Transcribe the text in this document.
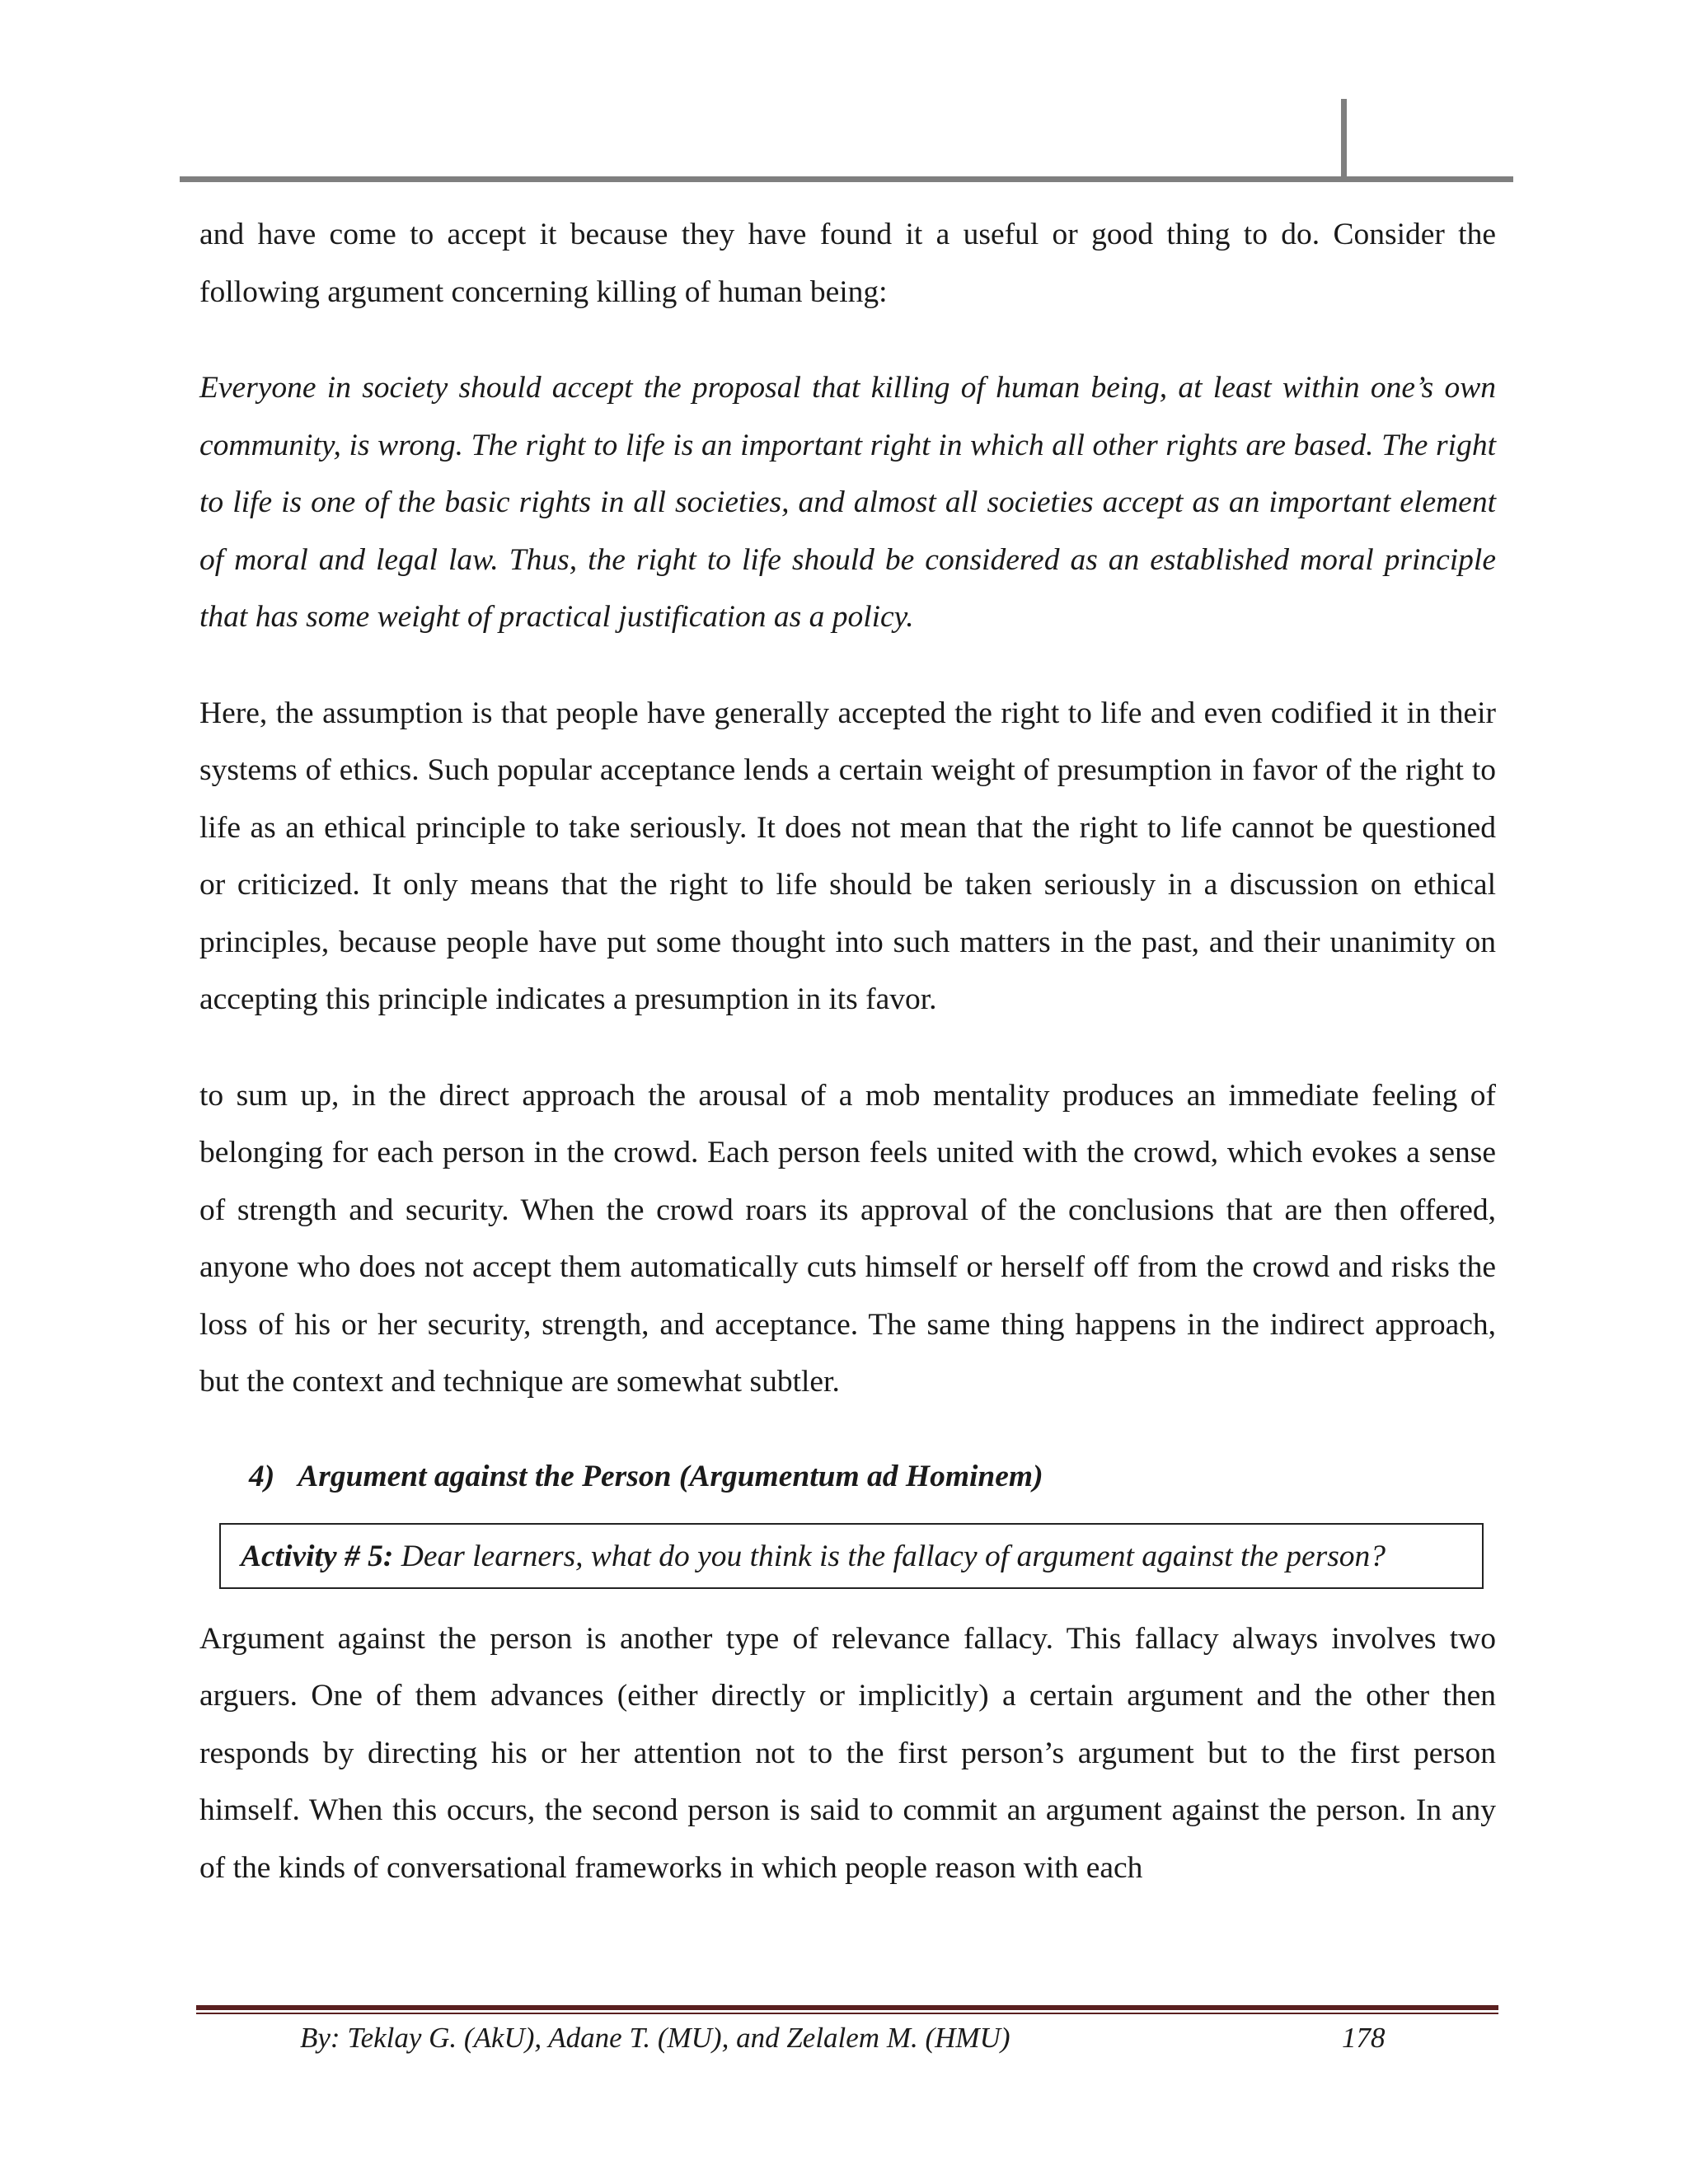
and have come to accept it because they have found it a useful or good thing to do. Consider the following argument concerning killing of human being:

Everyone in society should accept the proposal that killing of human being, at least within one’s own community, is wrong. The right to life is an important right in which all other rights are based. The right to life is one of the basic rights in all societies, and almost all societies accept as an important element of moral and legal law. Thus, the right to life should be considered as an established moral principle that has some weight of practical justification as a policy.

Here, the assumption is that people have generally accepted the right to life and even codified it in their systems of ethics. Such popular acceptance lends a certain weight of presumption in favor of the right to life as an ethical principle to take seriously. It does not mean that the right to life cannot be questioned or criticized. It only means that the right to life should be taken seriously in a discussion on ethical principles, because people have put some thought into such matters in the past, and their unanimity on accepting this principle indicates a presumption in its favor.

to sum up, in the direct approach the arousal of a mob mentality produces an immediate feeling of belonging for each person in the crowd. Each person feels united with the crowd, which evokes a sense of strength and security. When the crowd roars its approval of the conclusions that are then offered, anyone who does not accept them automatically cuts himself or herself off from the crowd and risks the loss of his or her security, strength, and acceptance. The same thing happens in the indirect approach, but the context and technique are somewhat subtler.

4) Argument against the Person (Argumentum ad Hominem)
Activity # 5: Dear learners, what do you think is the fallacy of argument against the person?

Argument against the person is another type of relevance fallacy. This fallacy always involves two arguers. One of them advances (either directly or implicitly) a certain argument and the other then responds by directing his or her attention not to the first person’s argument but to the first person himself. When this occurs, the second person is said to commit an argument against the person. In any of the kinds of conversational frameworks in which people reason with each

By: Teklay G. (AkU), Adane T. (MU), and Zelalem M. (HMU)	178
